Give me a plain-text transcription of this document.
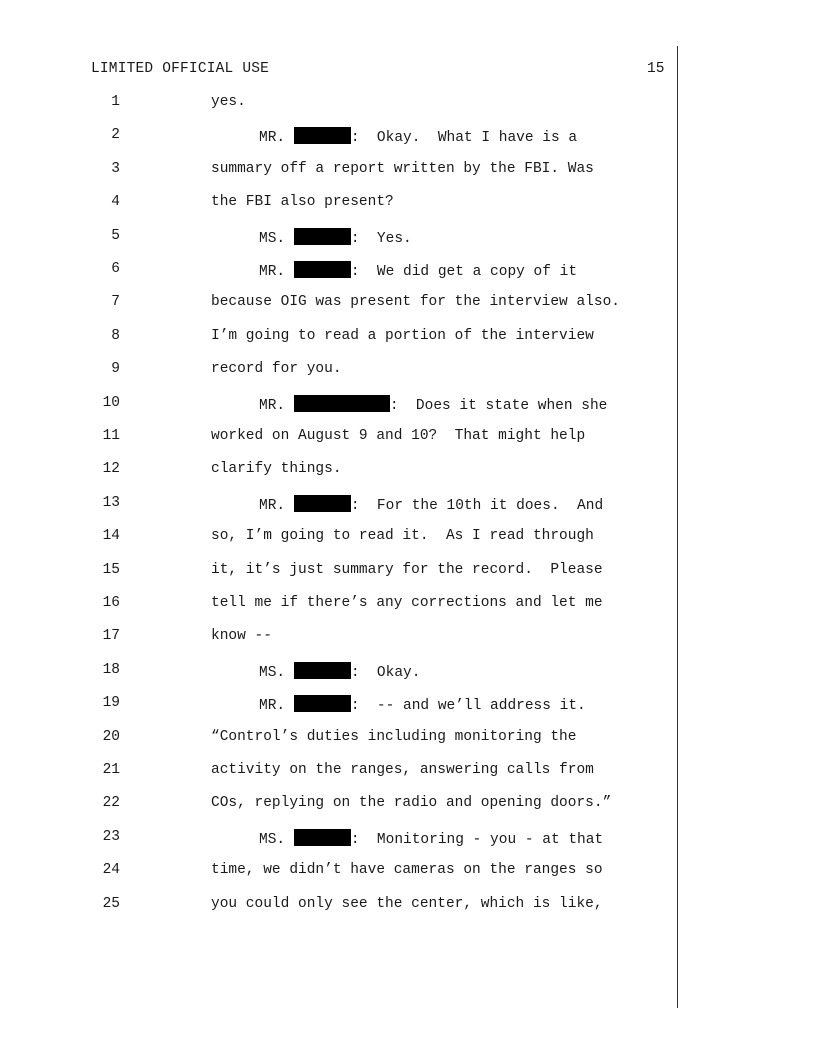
LIMITED OFFICIAL USE	15
1	yes.
2	MR.	:  Okay.  What I have is a
3	summary off a report written by the FBI. Was
4	the FBI also present?
5	MS.	:  Yes.
6	MR.	:  We did get a copy of it
7	because OIG was present for the interview also.
8	I’m going to read a portion of the interview
9	record for you.
10	MR.	:  Does it state when she
11	worked on August 9 and 10?  That might help
12	clarify things.
13	MR.	:  For the 10th it does.  And
14	so, I’m going to read it.  As I read through
15	it, it’s just summary for the record.  Please
16	tell me if there’s any corrections and let me
17	know --
18	MS.	:  Okay.
19	MR.	:  -- and we’ll address it.
20	“Control’s duties including monitoring the
21	activity on the ranges, answering calls from
22	COs, replying on the radio and opening doors.”
23	MS.	:  Monitoring - you - at that
24	time, we didn’t have cameras on the ranges so
25	you could only see the center, which is like,
